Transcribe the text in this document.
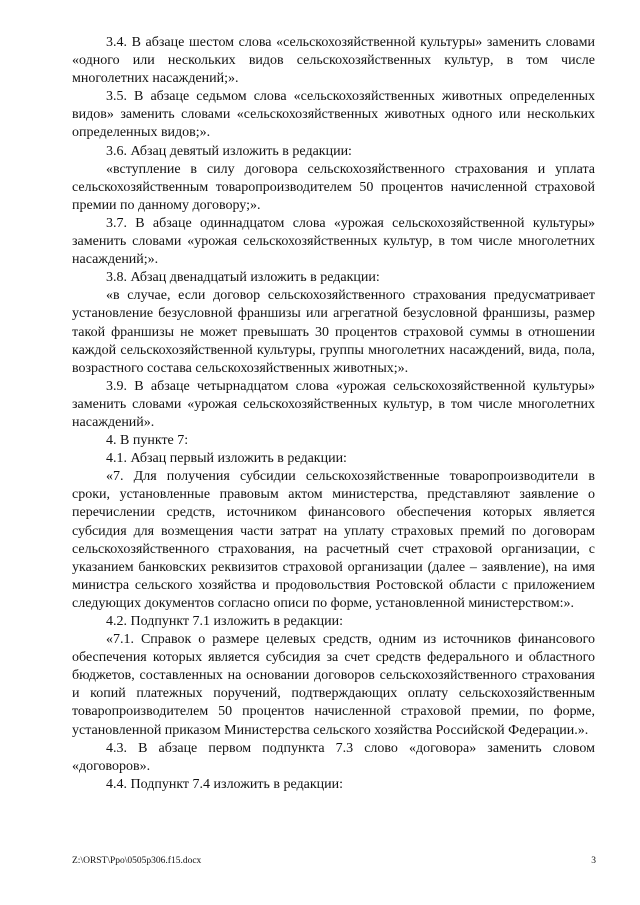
3.4. В абзаце шестом слова «сельскохозяйственной культуры» заменить словами «одного или нескольких видов сельскохозяйственных культур, в том числе многолетних насаждений;».

3.5. В абзаце седьмом слова «сельскохозяйственных животных определенных видов» заменить словами «сельскохозяйственных животных одного или нескольких определенных видов;».

3.6. Абзац девятый изложить в редакции:

«вступление в силу договора сельскохозяйственного страхования и уплата сельскохозяйственным товаропроизводителем 50 процентов начисленной страховой премии по данному договору;».

3.7. В абзаце одиннадцатом слова «урожая сельскохозяйственной культуры» заменить словами «урожая сельскохозяйственных культур, в том числе многолетних насаждений;».

3.8. Абзац двенадцатый изложить в редакции:

«в случае, если договор сельскохозяйственного страхования предусматривает установление безусловной франшизы или агрегатной безусловной франшизы, размер такой франшизы не может превышать 30 процентов страховой суммы в отношении каждой сельскохозяйственной культуры, группы многолетних насаждений, вида, пола, возрастного состава сельскохозяйственных животных;».

3.9. В абзаце четырнадцатом слова «урожая сельскохозяйственной культуры» заменить словами «урожая сельскохозяйственных культур, в том числе многолетних насаждений».

4. В пункте 7:

4.1. Абзац первый изложить в редакции:

«7. Для получения субсидии сельскохозяйственные товаропроизводители в сроки, установленные правовым актом министерства, представляют заявление о перечислении средств, источником финансового обеспечения которых является субсидия для возмещения части затрат на уплату страховых премий по договорам сельскохозяйственного страхования, на расчетный счет страховой организации, с указанием банковских реквизитов страховой организации (далее – заявление), на имя министра сельского хозяйства и продовольствия Ростовской области с приложением следующих документов согласно описи по форме, установленной министерством:».

4.2. Подпункт 7.1 изложить в редакции:

«7.1. Справок о размере целевых средств, одним из источников финансового обеспечения которых является субсидия за счет средств федерального и областного бюджетов, составленных на основании договоров сельскохозяйственного страхования и копий платежных поручений, подтверждающих оплату сельскохозяйственным товаропроизводителем 50 процентов начисленной страховой премии, по форме, установленной приказом Министерства сельского хозяйства Российской Федерации.».

4.3. В абзаце первом подпункта 7.3 слово «договора» заменить словом «договоров».

4.4. Подпункт 7.4 изложить в редакции:

Z:\ORST\Ppo\0505p306.f15.docx	3
